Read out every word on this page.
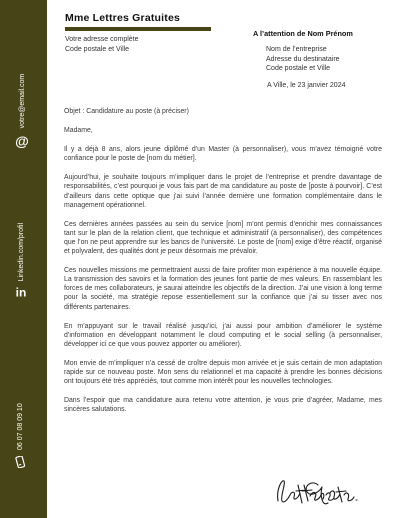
@
votre@email.com
in
Linkedin.com/profil
06 07 08 09 10
Mme Lettres Gratuites
Votre adresse complète
Code postale et Ville
A l’attention de Nom Prénom
Nom de l’entreprise
Adresse du destinataire
Code postale et Ville
A Ville, le 23 janvier 2024

Objet : Candidature au poste (à préciser)

Madame,

Il y a déjà 8 ans, alors jeune diplômé d’un Master (à personnaliser), vous m’avez témoigné votre confiance pour le poste de [nom du métier].

Aujourd’hui, je souhaite toujours m’impliquer dans le projet de l’entreprise et prendre davantage de responsabilités, c’est pourquoi je vous fais part de ma candidature au poste de [poste à pourvoir]. C’est d’ailleurs dans cette optique que j’ai suivi l’année dernière une formation complémentaire dans le management opérationnel.

Ces dernières années passées au sein du service [nom] m’ont permis d’enrichir mes connaissances tant sur le plan de la relation client, que technique et administratif (à personnaliser), des compétences que l’on ne peut apprendre sur les bancs de l’université. Le poste de [nom] exige d’être réactif, organisé et polyvalent, des qualités dont je peux désormais me prévaloir.

Ces nouvelles missions me permettraient aussi de faire profiter mon expérience à ma nouvelle équipe. La transmission des savoirs et la formation des jeunes font partie de mes valeurs. En rassemblant les forces de mes collaborateurs, je saurai atteindre les objectifs de la direction. J’ai une vision à long terme pour la société, ma stratégie repose essentiellement sur la confiance que j’ai su tisser avec nos différents partenaires.

En m’appuyant sur le travail réalisé jusqu’ici, j’ai aussi pour ambition d’améliorer le système d’information en développant notamment le cloud computing et le social selling (à personnaliser, développer ici ce que vous pouvez apporter ou améliorer).

Mon envie de m’impliquer n’a cessé de croître depuis mon arrivée et je suis certain de mon adaptation rapide sur ce nouveau poste. Mon sens du relationnel et ma capacité à prendre les bonnes décisions ont toujours été très appréciés, tout comme mon intérêt pour les nouvelles technologies.

Dans l’espoir que ma candidature aura retenu votre attention, je vous prie d’agréer, Madame, mes sincères salutations.
